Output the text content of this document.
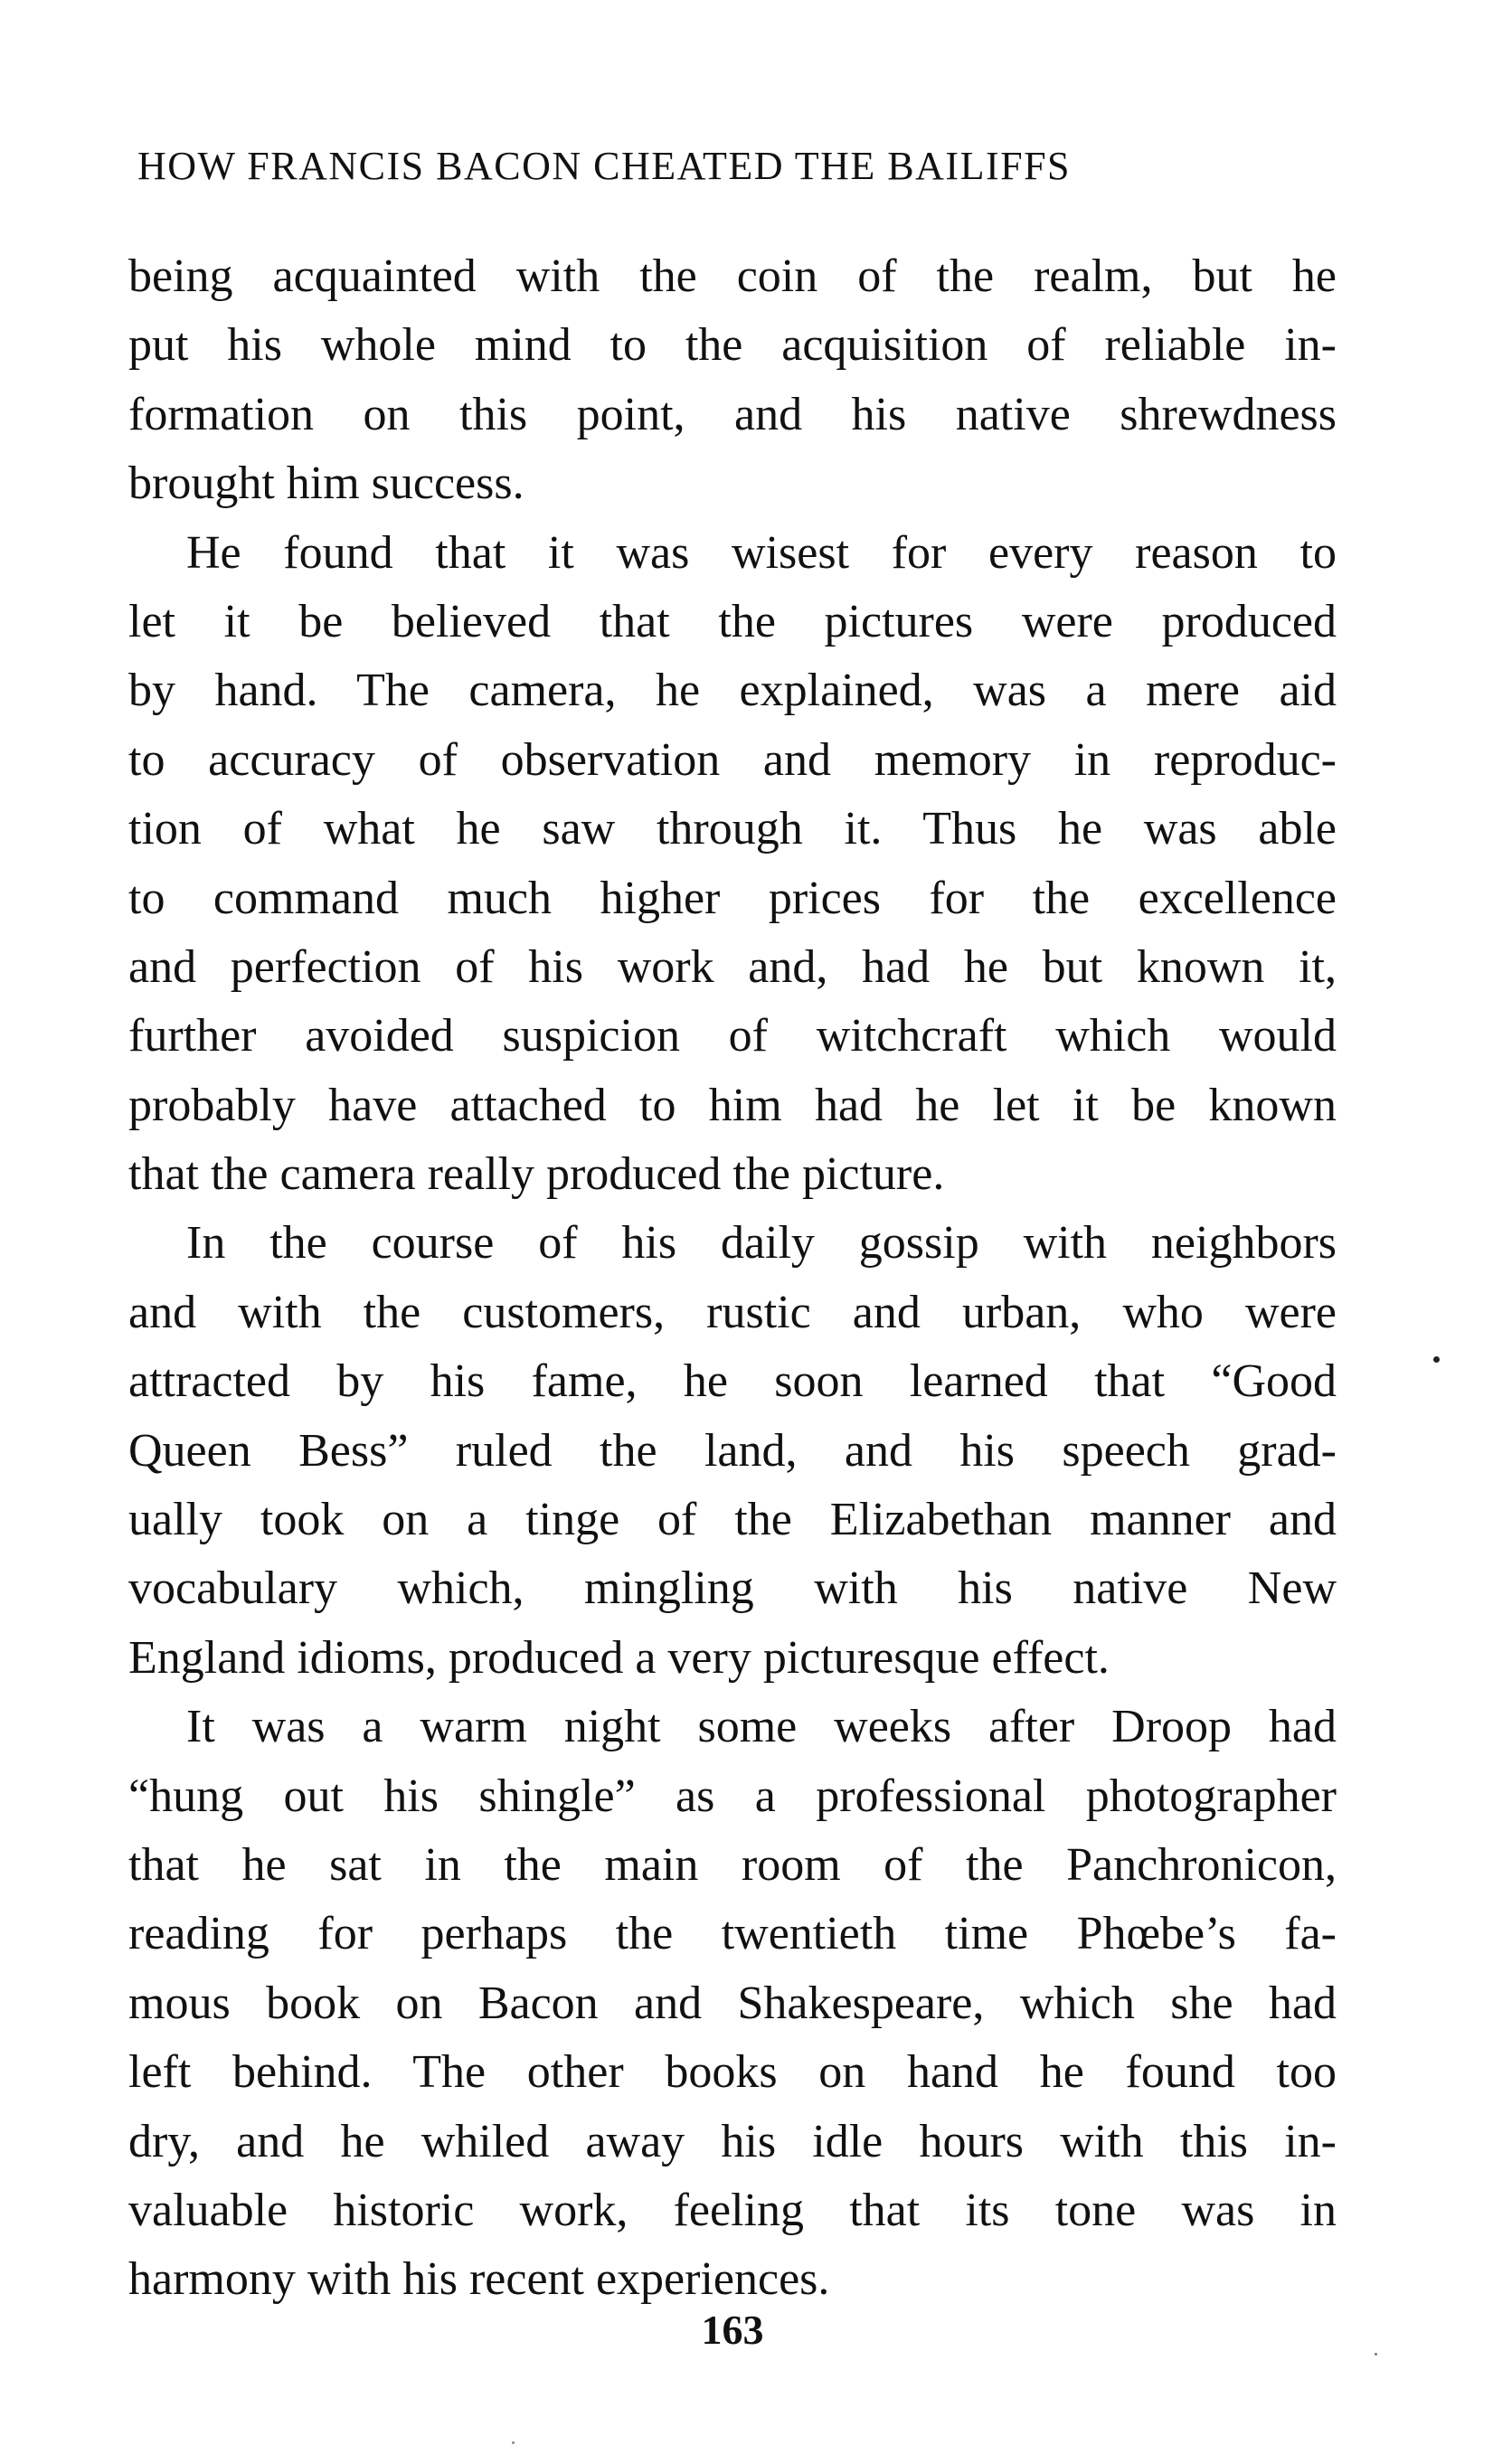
HOW FRANCIS BACON CHEATED THE BAILIFFS
being acquainted with the coin of the realm, but he
put his whole mind to the acquisition of reliable in-
formation on this point, and his native shrewdness
brought him success.
He found that it was wisest for every reason to
let it be believed that the pictures were produced
by hand. The camera, he explained, was a mere aid
to accuracy of observation and memory in reproduc-
tion of what he saw through it. Thus he was able
to command much higher prices for the excellence
and perfection of his work and, had he but known it,
further avoided suspicion of witchcraft which would
probably have attached to him had he let it be known
that the camera really produced the picture.
In the course of his daily gossip with neighbors
and with the customers, rustic and urban, who were
attracted by his fame, he soon learned that “Good
Queen Bess” ruled the land, and his speech grad-
ually took on a tinge of the Elizabethan manner and
vocabulary which, mingling with his native New
England idioms, produced a very picturesque effect.
It was a warm night some weeks after Droop had
“hung out his shingle” as a professional photographer
that he sat in the main room of the Panchronicon,
reading for perhaps the twentieth time Phœbe’s fa-
mous book on Bacon and Shakespeare, which she had
left behind. The other books on hand he found too
dry, and he whiled away his idle hours with this in-
valuable historic work, feeling that its tone was in
harmony with his recent experiences.
163
